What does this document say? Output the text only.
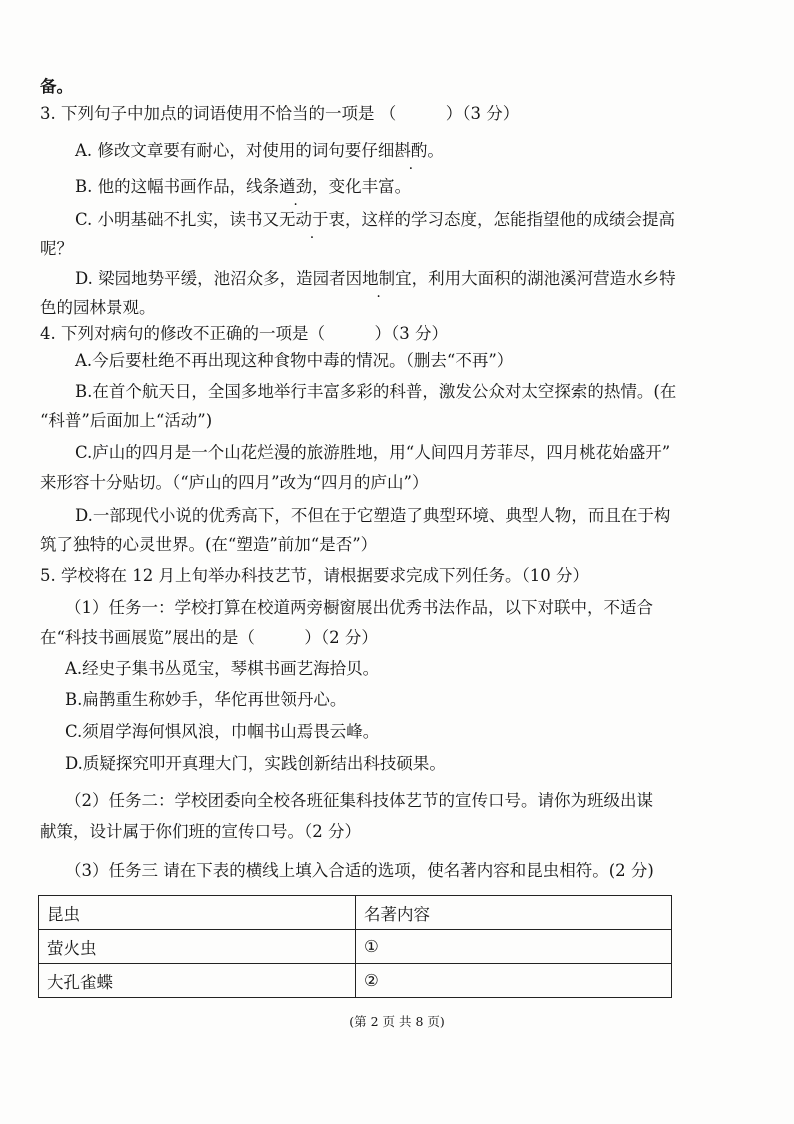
备。
3. 下列句子中加点的词语使用不恰当的一项是 （　　　）（3 分）
A. 修改文章要有耐心，对使用的词句要仔细斟酌。
B. 他的这幅书画作品，线条遒劲，变化丰富。
C. 小明基础不扎实，读书又无动于衷，这样的学习态度，怎能指望他的成绩会提高
呢？
D. 梁园地势平缓，池沼众多，造园者因地制宜，利用大面积的湖池溪河营造水乡特
色的园林景观。
4. 下列对病句的修改不正确的一项是（　　　）（3 分）
A.今后要杜绝不再出现这种食物中毒的情况。（删去“不再”）
B.在首个航天日，全国多地举行丰富多彩的科普，激发公众对太空探索的热情。(在
“科普”后面加上“活动”)
C.庐山的四月是一个山花烂漫的旅游胜地，用“人间四月芳菲尽，四月桃花始盛开”
来形容十分贴切。（“庐山的四月”改为“四月的庐山”）
D.一部现代小说的优秀高下，不但在于它塑造了典型环境、典型人物，而且在于构
筑了独特的心灵世界。(在“塑造”前加“是否”）
5. 学校将在 12 月上旬举办科技艺节，请根据要求完成下列任务。（10 分）
（1）任务一：学校打算在校道两旁橱窗展出优秀书法作品，以下对联中，不适合
在“科技书画展览”展出的是（　　　）（2 分）
A.经史子集书丛觅宝，琴棋书画艺海拾贝。
B.扁鹊重生称妙手，华佗再世领丹心。
C.须眉学海何惧风浪，巾帼书山焉畏云峰。
D.质疑探究叩开真理大门，实践创新结出科技硕果。
（2）任务二：学校团委向全校各班征集科技体艺节的宣传口号。请你为班级出谋
献策，设计属于你们班的宣传口号。（2 分）
（3）任务三 请在下表的横线上填入合适的选项，使名著内容和昆虫相符。(2 分)
昆虫	名著内容
萤火虫	①
大孔雀蝶	②
(第 2 页 共 8 页)
